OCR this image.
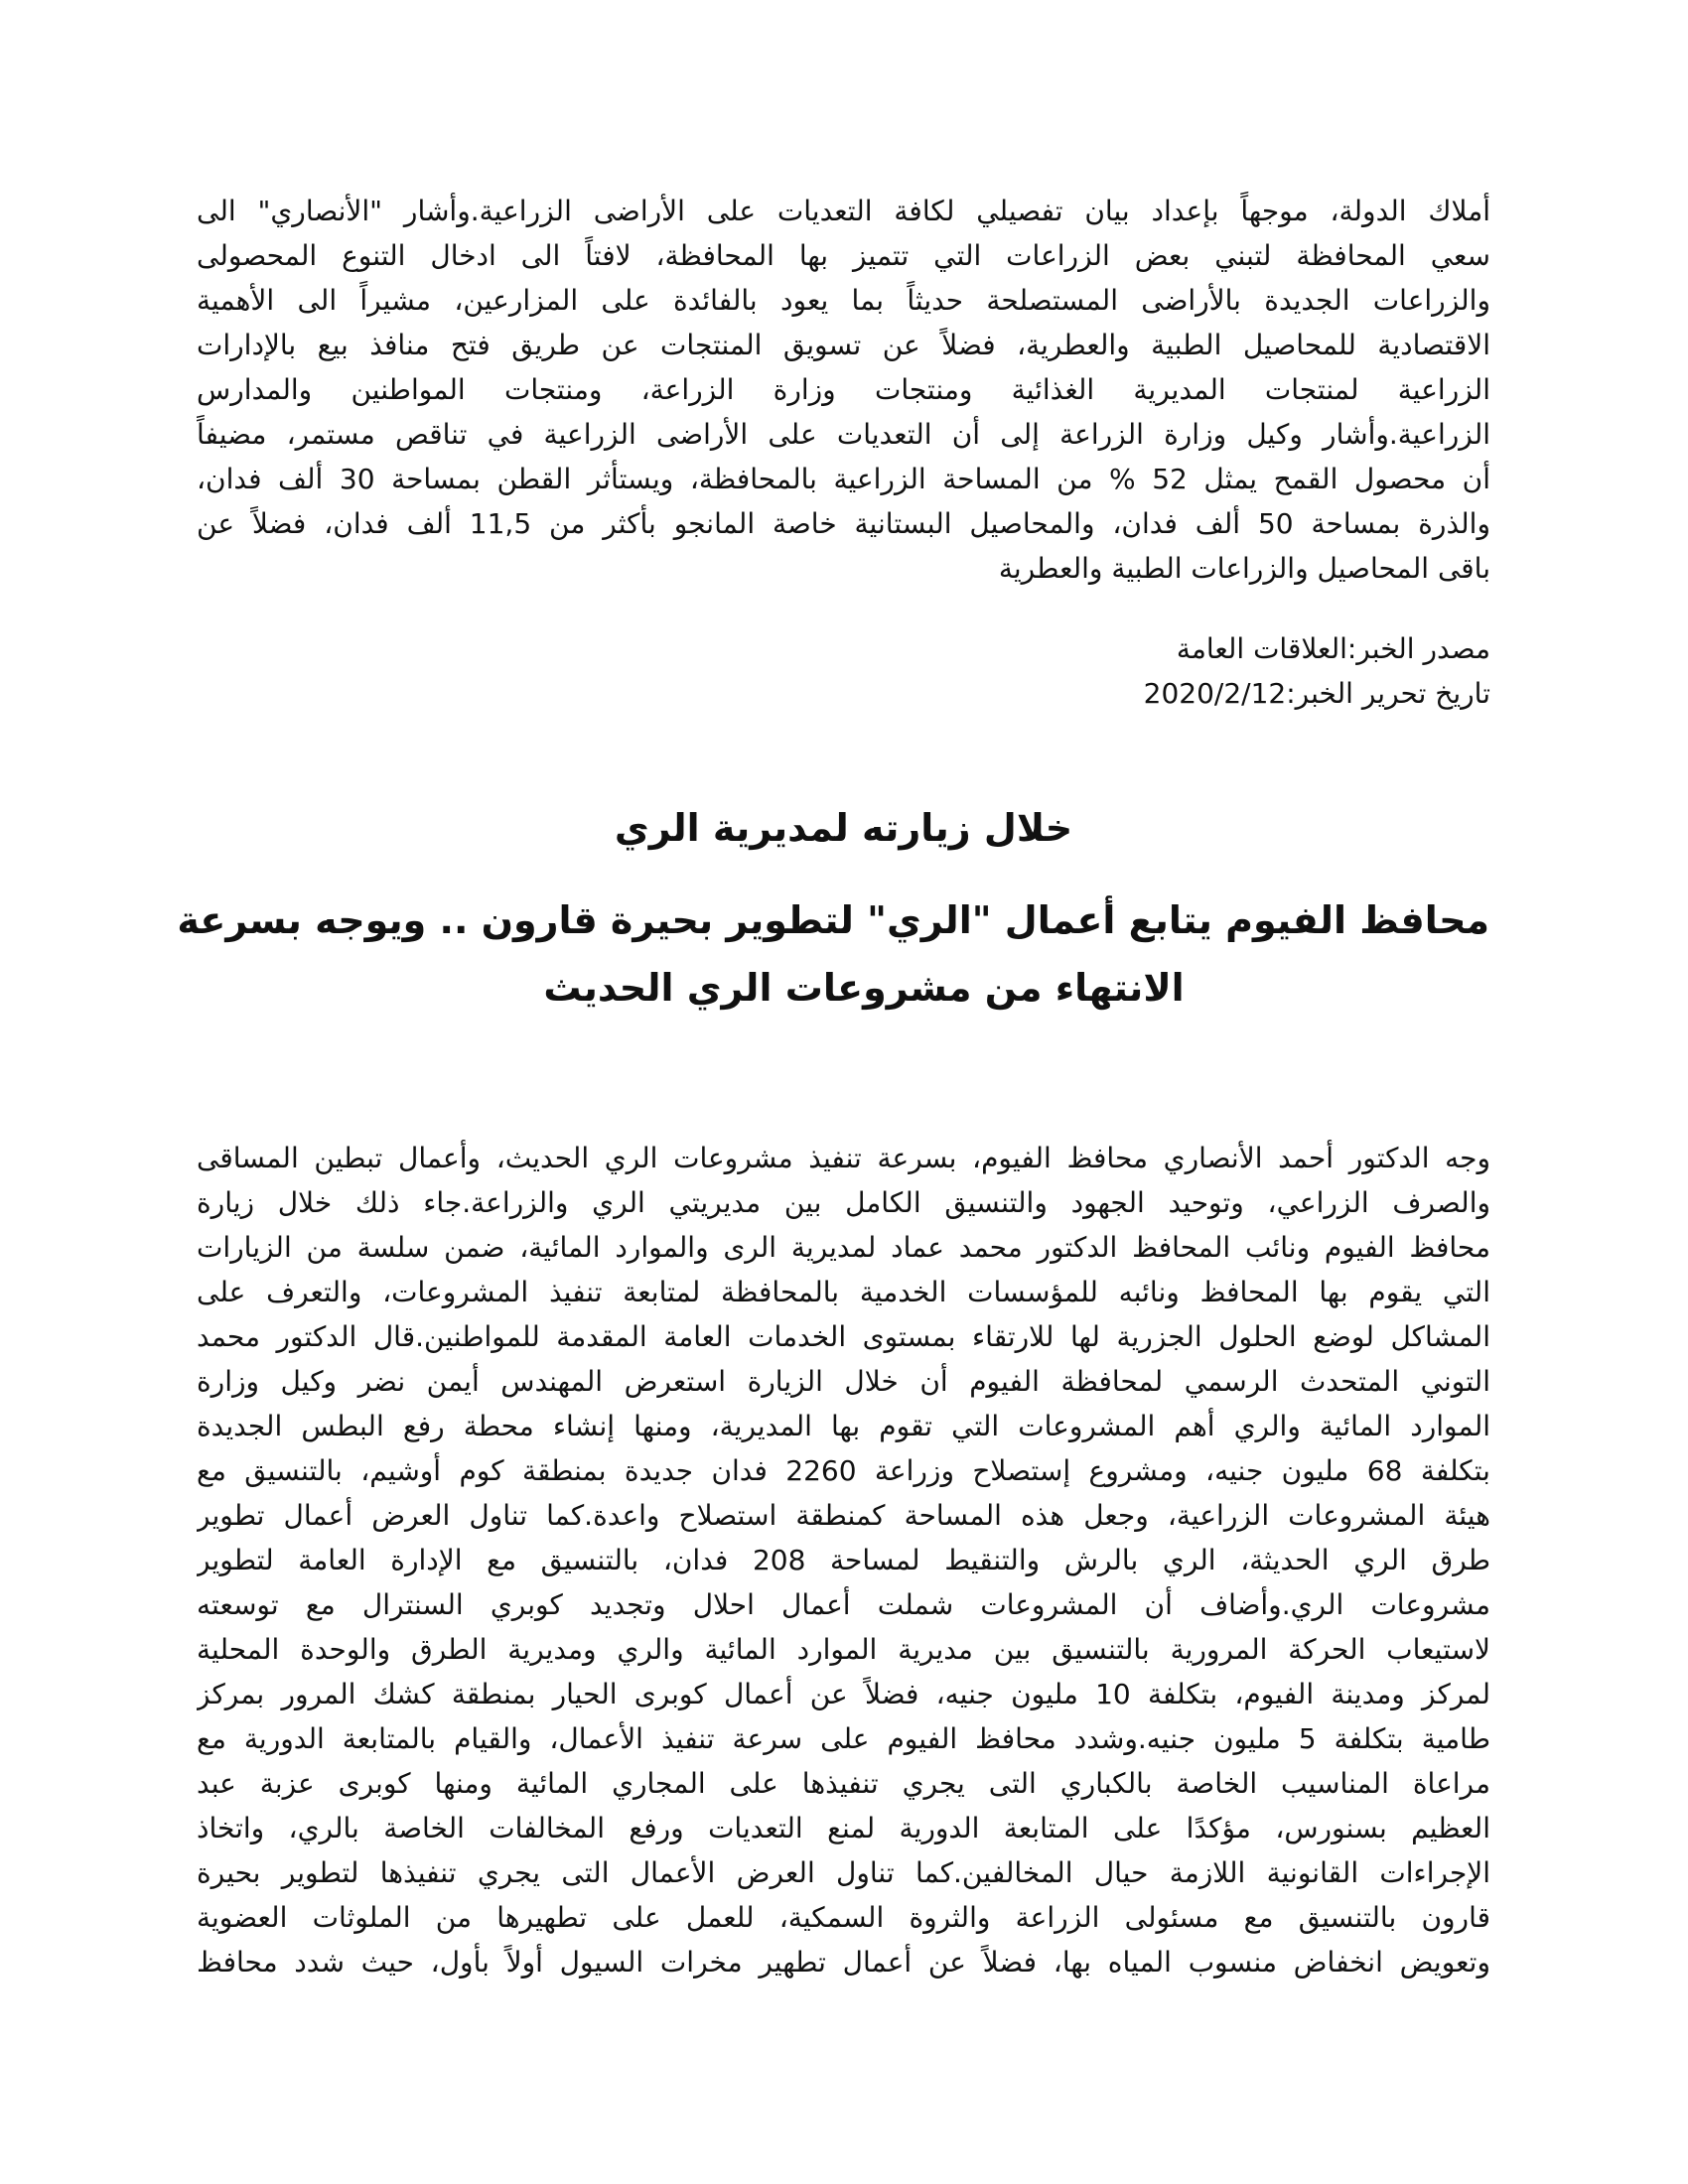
أملاك الدولة، موجهاً بإعداد بيان تفصيلي لكافة التعديات على الأراضى الزراعية.وأشار "الأنصاري" الى
سعي المحافظة لتبني بعض الزراعات التي تتميز بها المحافظة، لافتاً الى ادخال التنوع المحصولى
والزراعات الجديدة بالأراضى المستصلحة حديثاً بما يعود بالفائدة على المزارعين، مشيراً الى الأهمية
الاقتصادية للمحاصيل الطبية والعطرية، فضلاً عن تسويق المنتجات عن طريق فتح منافذ بيع بالإدارات
الزراعية لمنتجات المديرية الغذائية ومنتجات وزارة الزراعة، ومنتجات المواطنين والمدارس
الزراعية.وأشار وكيل وزارة الزراعة إلى أن التعديات على الأراضى الزراعية في تناقص مستمر، مضيفاً
أن محصول القمح يمثل 52 % من المساحة الزراعية بالمحافظة، ويستأثر القطن بمساحة 30 ألف فدان،
والذرة بمساحة 50 ألف فدان، والمحاصيل البستانية خاصة المانجو بأكثر من 11,5 ألف فدان، فضلاً عن
باقى المحاصيل والزراعات الطبية والعطرية
مصدر الخبر:العلاقات العامة
تاريخ تحرير الخبر:2020/2/12
خلال زيارته لمديرية الري
محافظ الفيوم يتابع أعمال "الري" لتطوير بحيرة قارون .. ويوجه بسرعة
الانتهاء من مشروعات الري الحديث
وجه الدكتور أحمد الأنصاري محافظ الفيوم، بسرعة تنفيذ مشروعات الري الحديث، وأعمال تبطين المساقى
والصرف الزراعي، وتوحيد الجهود والتنسيق الكامل بين مديريتي الري والزراعة.جاء ذلك خلال زيارة
محافظ الفيوم ونائب المحافظ الدكتور محمد عماد لمديرية الرى والموارد المائية، ضمن سلسة من الزيارات
التي يقوم بها المحافظ ونائبه للمؤسسات الخدمية بالمحافظة لمتابعة تنفيذ المشروعات، والتعرف على
المشاكل لوضع الحلول الجزرية لها للارتقاء بمستوى الخدمات العامة المقدمة للمواطنين.قال الدكتور محمد
التوني المتحدث الرسمي لمحافظة الفيوم أن خلال الزيارة استعرض المهندس أيمن نضر وكيل وزارة
الموارد المائية والري أهم المشروعات التي تقوم بها المديرية، ومنها إنشاء محطة رفع البطس الجديدة
بتكلفة 68 مليون جنيه، ومشروع إستصلاح وزراعة 2260 فدان جديدة بمنطقة كوم أوشيم، بالتنسيق مع
هيئة المشروعات الزراعية، وجعل هذه المساحة كمنطقة استصلاح واعدة.كما تناول العرض أعمال تطوير
طرق الري الحديثة، الري بالرش والتنقيط لمساحة 208 فدان، بالتنسيق مع الإدارة العامة لتطوير
مشروعات الري.وأضاف أن المشروعات شملت أعمال احلال وتجديد كوبري السنترال مع توسعته
لاستيعاب الحركة المرورية بالتنسيق بين مديرية الموارد المائية والري ومديرية الطرق والوحدة المحلية
لمركز ومدينة الفيوم، بتكلفة 10 مليون جنيه، فضلاً عن أعمال كوبرى الحيار بمنطقة كشك المرور بمركز
طامية بتكلفة 5 مليون جنيه.وشدد محافظ الفيوم على سرعة تنفيذ الأعمال، والقيام بالمتابعة الدورية مع
مراعاة المناسيب الخاصة بالكباري التى يجري تنفيذها على المجاري المائية ومنها كوبرى عزبة عبد
العظيم بسنورس، مؤكدًا على المتابعة الدورية لمنع التعديات ورفع المخالفات الخاصة بالري، واتخاذ
الإجراءات القانونية اللازمة حيال المخالفين.كما تناول العرض الأعمال التى يجري تنفيذها لتطوير بحيرة
قارون بالتنسيق مع مسئولى الزراعة والثروة السمكية، للعمل على تطهيرها من الملوثات العضوية
وتعويض انخفاض منسوب المياه بها، فضلاً عن أعمال تطهير مخرات السيول أولاً بأول، حيث شدد محافظ
